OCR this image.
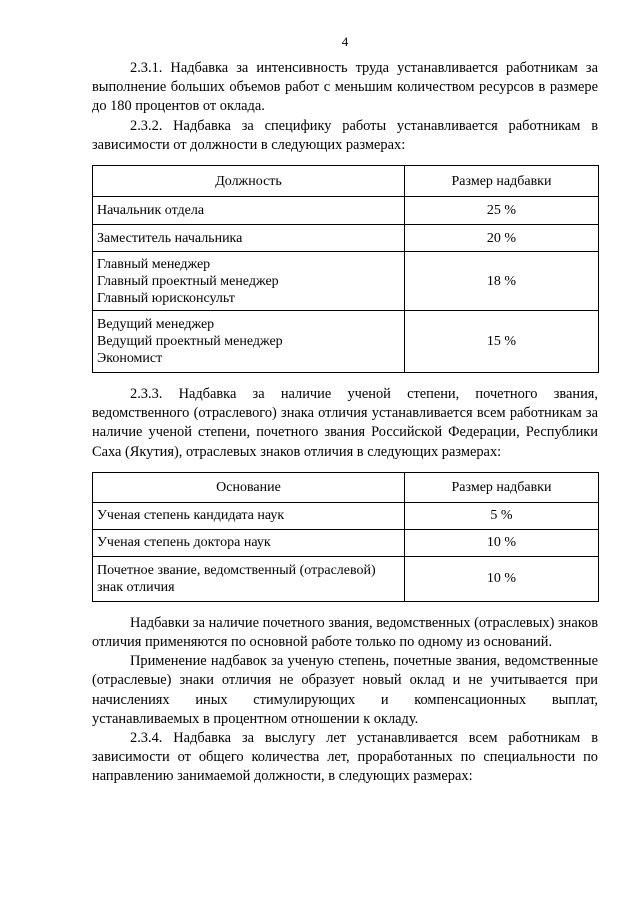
4

2.3.1. Надбавка за интенсивность труда устанавливается работникам за выполнение больших объемов работ с меньшим количеством ресурсов в размере до 180 процентов от оклада.

2.3.2. Надбавка за специфику работы устанавливается работникам в зависимости от должности в следующих размерах:

Должность	Размер надбавки

Начальник отдела	25 %

Заместитель начальника	20 %

Главный менеджер
Главный проектный менеджер
Главный юрисконсульт	18 %

Ведущий менеджер
Ведущий проектный менеджер
Экономист	15 %

2.3.3. Надбавка за наличие ученой степени, почетного звания, ведомственного (отраслевого) знака отличия устанавливается всем работникам за наличие ученой степени, почетного звания Российской Федерации, Республики Саха (Якутия), отраслевых знаков отличия в следующих размерах:

Основание	Размер надбавки
Ученая степень кандидата наук	5 %
Ученая степень доктора наук	10 %
Почетное звание, ведомственный (отраслевой) знак отличия	10 %

Надбавки за наличие почетного звания, ведомственных (отраслевых) знаков отличия применяются по основной работе только по одному из оснований.

Применение надбавок за ученую степень, почетные звания, ведомственные (отраслевые) знаки отличия не образует новый оклад и не учитывается при начислениях иных стимулирующих и компенсационных выплат, устанавливаемых в процентном отношении к окладу.

2.3.4. Надбавка за выслугу лет устанавливается всем работникам в зависимости от общего количества лет, проработанных по специальности по направлению занимаемой должности, в следующих размерах:
